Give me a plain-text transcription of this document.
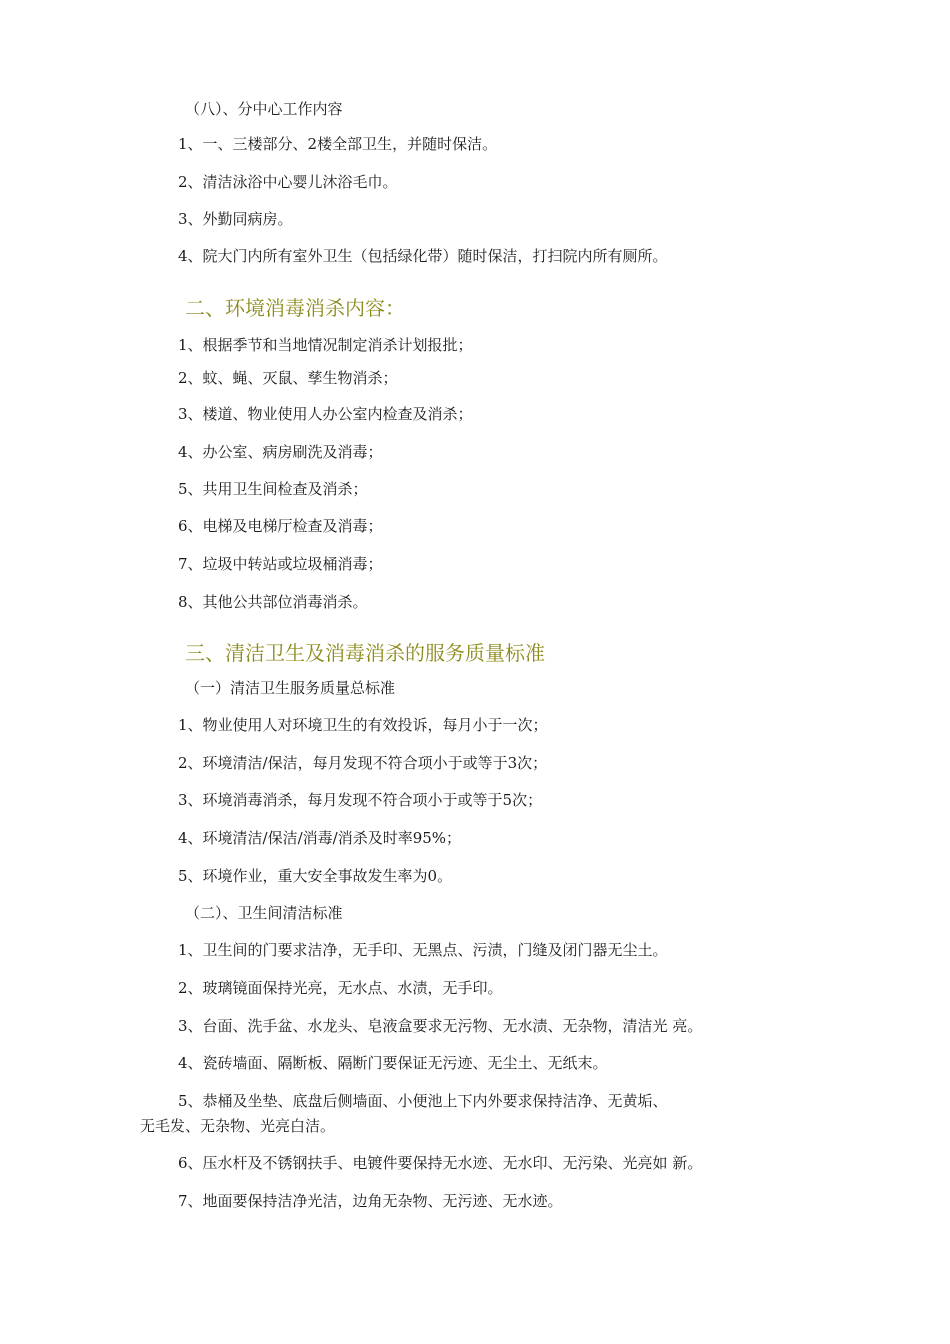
（八）、分中心工作内容
1、一、三楼部分、2楼全部卫生，并随时保洁。
2、清洁泳浴中心婴儿沐浴毛巾。
3、外勤同病房。
4、院大门内所有室外卫生（包括绿化带）随时保洁，打扫院内所有厕所。
二、环境消毒消杀内容：
1、根据季节和当地情况制定消杀计划报批；
2、蚊、蝇、灭鼠、孳生物消杀；
3、楼道、物业使用人办公室内检查及消杀；
4、办公室、病房刷洗及消毒；
5、共用卫生间检查及消杀；
6、电梯及电梯厅检查及消毒；
7、垃圾中转站或垃圾桶消毒；
8、其他公共部位消毒消杀。
三、清洁卫生及消毒消杀的服务质量标准
（一）清洁卫生服务质量总标准
1、物业使用人对环境卫生的有效投诉，每月小于一次；
2、环境清洁/保洁，每月发现不符合项小于或等于3次；
3、环境消毒消杀，每月发现不符合项小于或等于5次；
4、环境清洁/保洁/消毒/消杀及时率95%；
5、环境作业，重大安全事故发生率为0。
（二）、卫生间清洁标准
1、卫生间的门要求洁净，无手印、无黑点、污渍，门缝及闭门器无尘土。
2、玻璃镜面保持光亮，无水点、水渍，无手印。
3、台面、洗手盆、水龙头、皂液盒要求无污物、无水渍、无杂物，清洁光 亮。
4、瓷砖墙面、隔断板、隔断门要保证无污迹、无尘土、无纸末。
5、恭桶及坐垫、底盘后侧墙面、小便池上下内外要求保持洁净、无黄垢、
无毛发、无杂物、光亮白洁。
6、压水杆及不锈钢扶手、电镀件要保持无水迹、无水印、无污染、光亮如 新。
7、地面要保持洁净光洁，边角无杂物、无污迹、无水迹。
